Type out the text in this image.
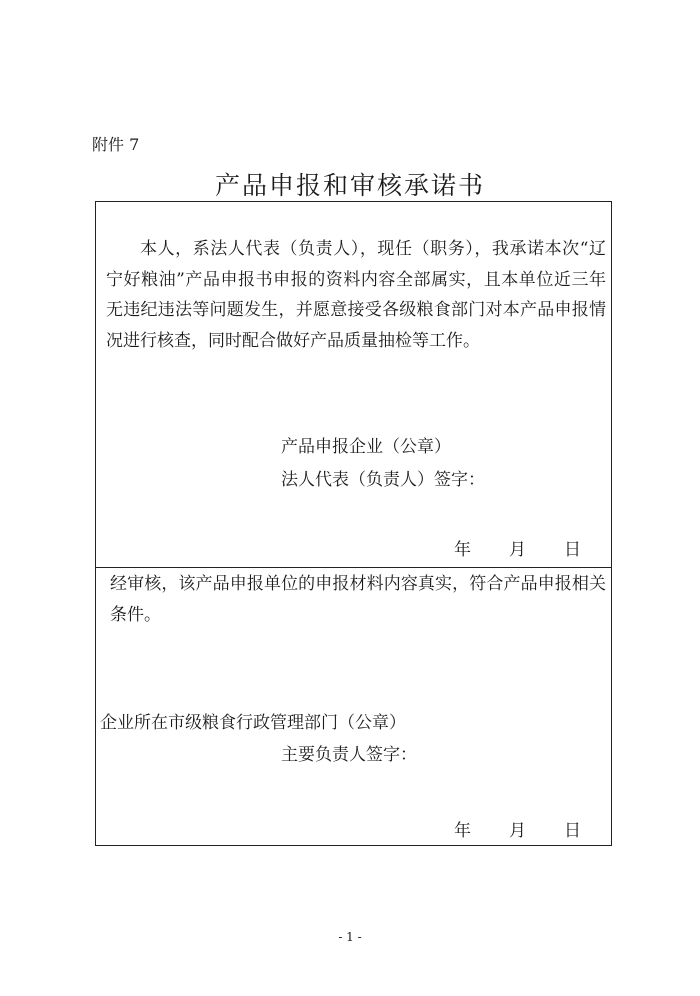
附件 7
产品申报和审核承诺书
本人，系法人代表（负责人），现任（职务），我承诺本次“辽宁好粮油”产品申报书申报的资料内容全部属实，且本单位近三年无违纪违法等问题发生，并愿意接受各级粮食部门对本产品申报情况进行核查，同时配合做好产品质量抽检等工作。
产品申报企业（公章）
法人代表（负责人）签字：
年 月 日
经审核，该产品申报单位的申报材料内容真实，符合产品申报相关条件。
企业所在市级粮食行政管理部门（公章）
主要负责人签字：
年 月 日
- 1 -
